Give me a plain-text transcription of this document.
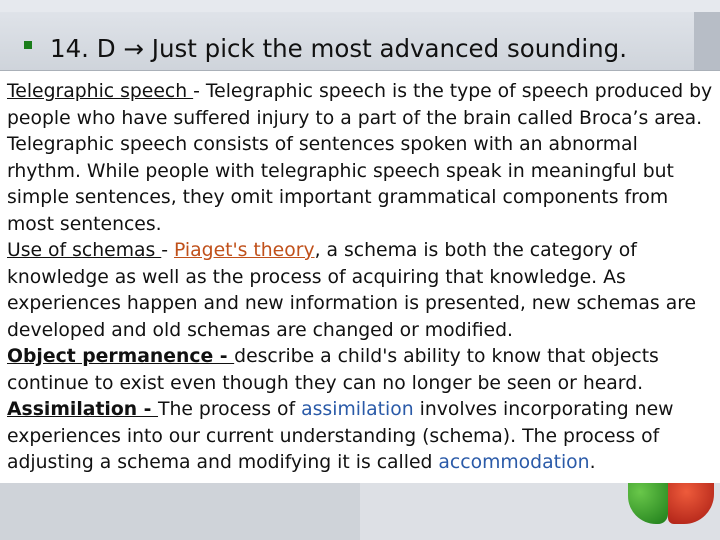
14. D → Just pick the most advanced sounding.

Telegraphic speech - Telegraphic speech is the type of speech produced by people who have suffered injury to a part of the brain called Broca’s area. Telegraphic speech consists of sentences spoken with an abnormal rhythm. While people with telegraphic speech speak in meaningful but simple sentences, they omit important grammatical components from most sentences.

Use of schemas - Piaget's theory, a schema is both the category of knowledge as well as the process of acquiring that knowledge. As experiences happen and new information is presented, new schemas are developed and old schemas are changed or modified.

Object permanence - describe a child's ability to know that objects continue to exist even though they can no longer be seen or heard.

Assimilation - The process of assimilation involves incorporating new experiences into our current understanding (schema). The process of adjusting a schema and modifying it is called accommodation.
